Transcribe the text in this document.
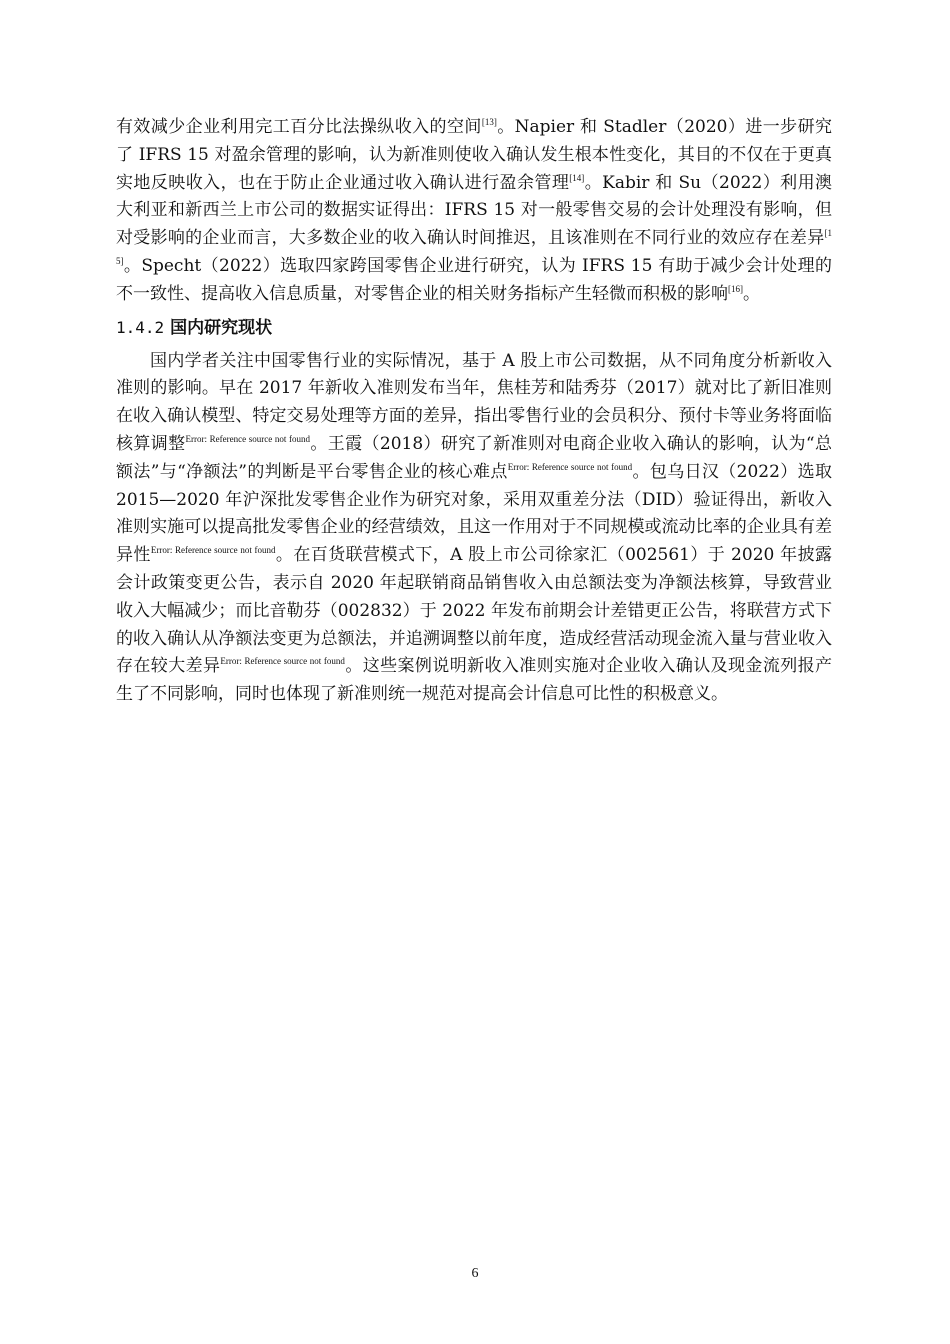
有效减少企业利用完工百分比法操纵收入的空间[13]。Napier 和 Stadler（2020）进一步研究了 IFRS 15 对盈余管理的影响，认为新准则使收入确认发生根本性变化，其目的不仅在于更真实地反映收入，也在于防止企业通过收入确认进行盈余管理[14]。Kabir 和 Su（2022）利用澳大利亚和新西兰上市公司的数据实证得出：IFRS 15 对一般零售交易的会计处理没有影响，但对受影响的企业而言，大多数企业的收入确认时间推迟，且该准则在不同行业的效应存在差异[15]。Specht（2022）选取四家跨国零售企业进行研究，认为 IFRS 15 有助于减少会计处理的不一致性、提高收入信息质量，对零售企业的相关财务指标产生轻微而积极的影响[16]。

1.4.2 国内研究现状

国内学者关注中国零售行业的实际情况，基于 A 股上市公司数据，从不同角度分析新收入准则的影响。早在 2017 年新收入准则发布当年，焦桂芳和陆秀芬（2017）就对比了新旧准则在收入确认模型、特定交易处理等方面的差异，指出零售行业的会员积分、预付卡等业务将面临核算调整$^{Error: Reference source not found}$。王霞（2018）研究了新准则对电商企业收入确认的影响，认为“总额法”与“净额法”的判断是平台零售企业的核心难点$^{Error: Reference source not found}$。包乌日汉（2022）选取 2015—2020 年沪深批发零售企业作为研究对象，采用双重差分法（DID）验证得出，新收入准则实施可以提高批发零售企业的经营绩效，且这一作用对于不同规模或流动比率的企业具有差异性$^{Error: Reference source not found}$。在百货联营模式下，A 股上市公司徐家汇（002561）于 2020 年披露会计政策变更公告，表示自 2020 年起联销商品销售收入由总额法变为净额法核算，导致营业收入大幅减少；而比音勒芬（002832）于 2022 年发布前期会计差错更正公告，将联营方式下的收入确认从净额法变更为总额法，并追溯调整以前年度，造成经营活动现金流入量与营业收入存在较大差异$^{Error: Reference source not found}$。这些案例说明新收入准则实施对企业收入确认及现金流列报产生了不同影响，同时也体现了新准则统一规范对提高会计信息可比性的积极意义。

6
